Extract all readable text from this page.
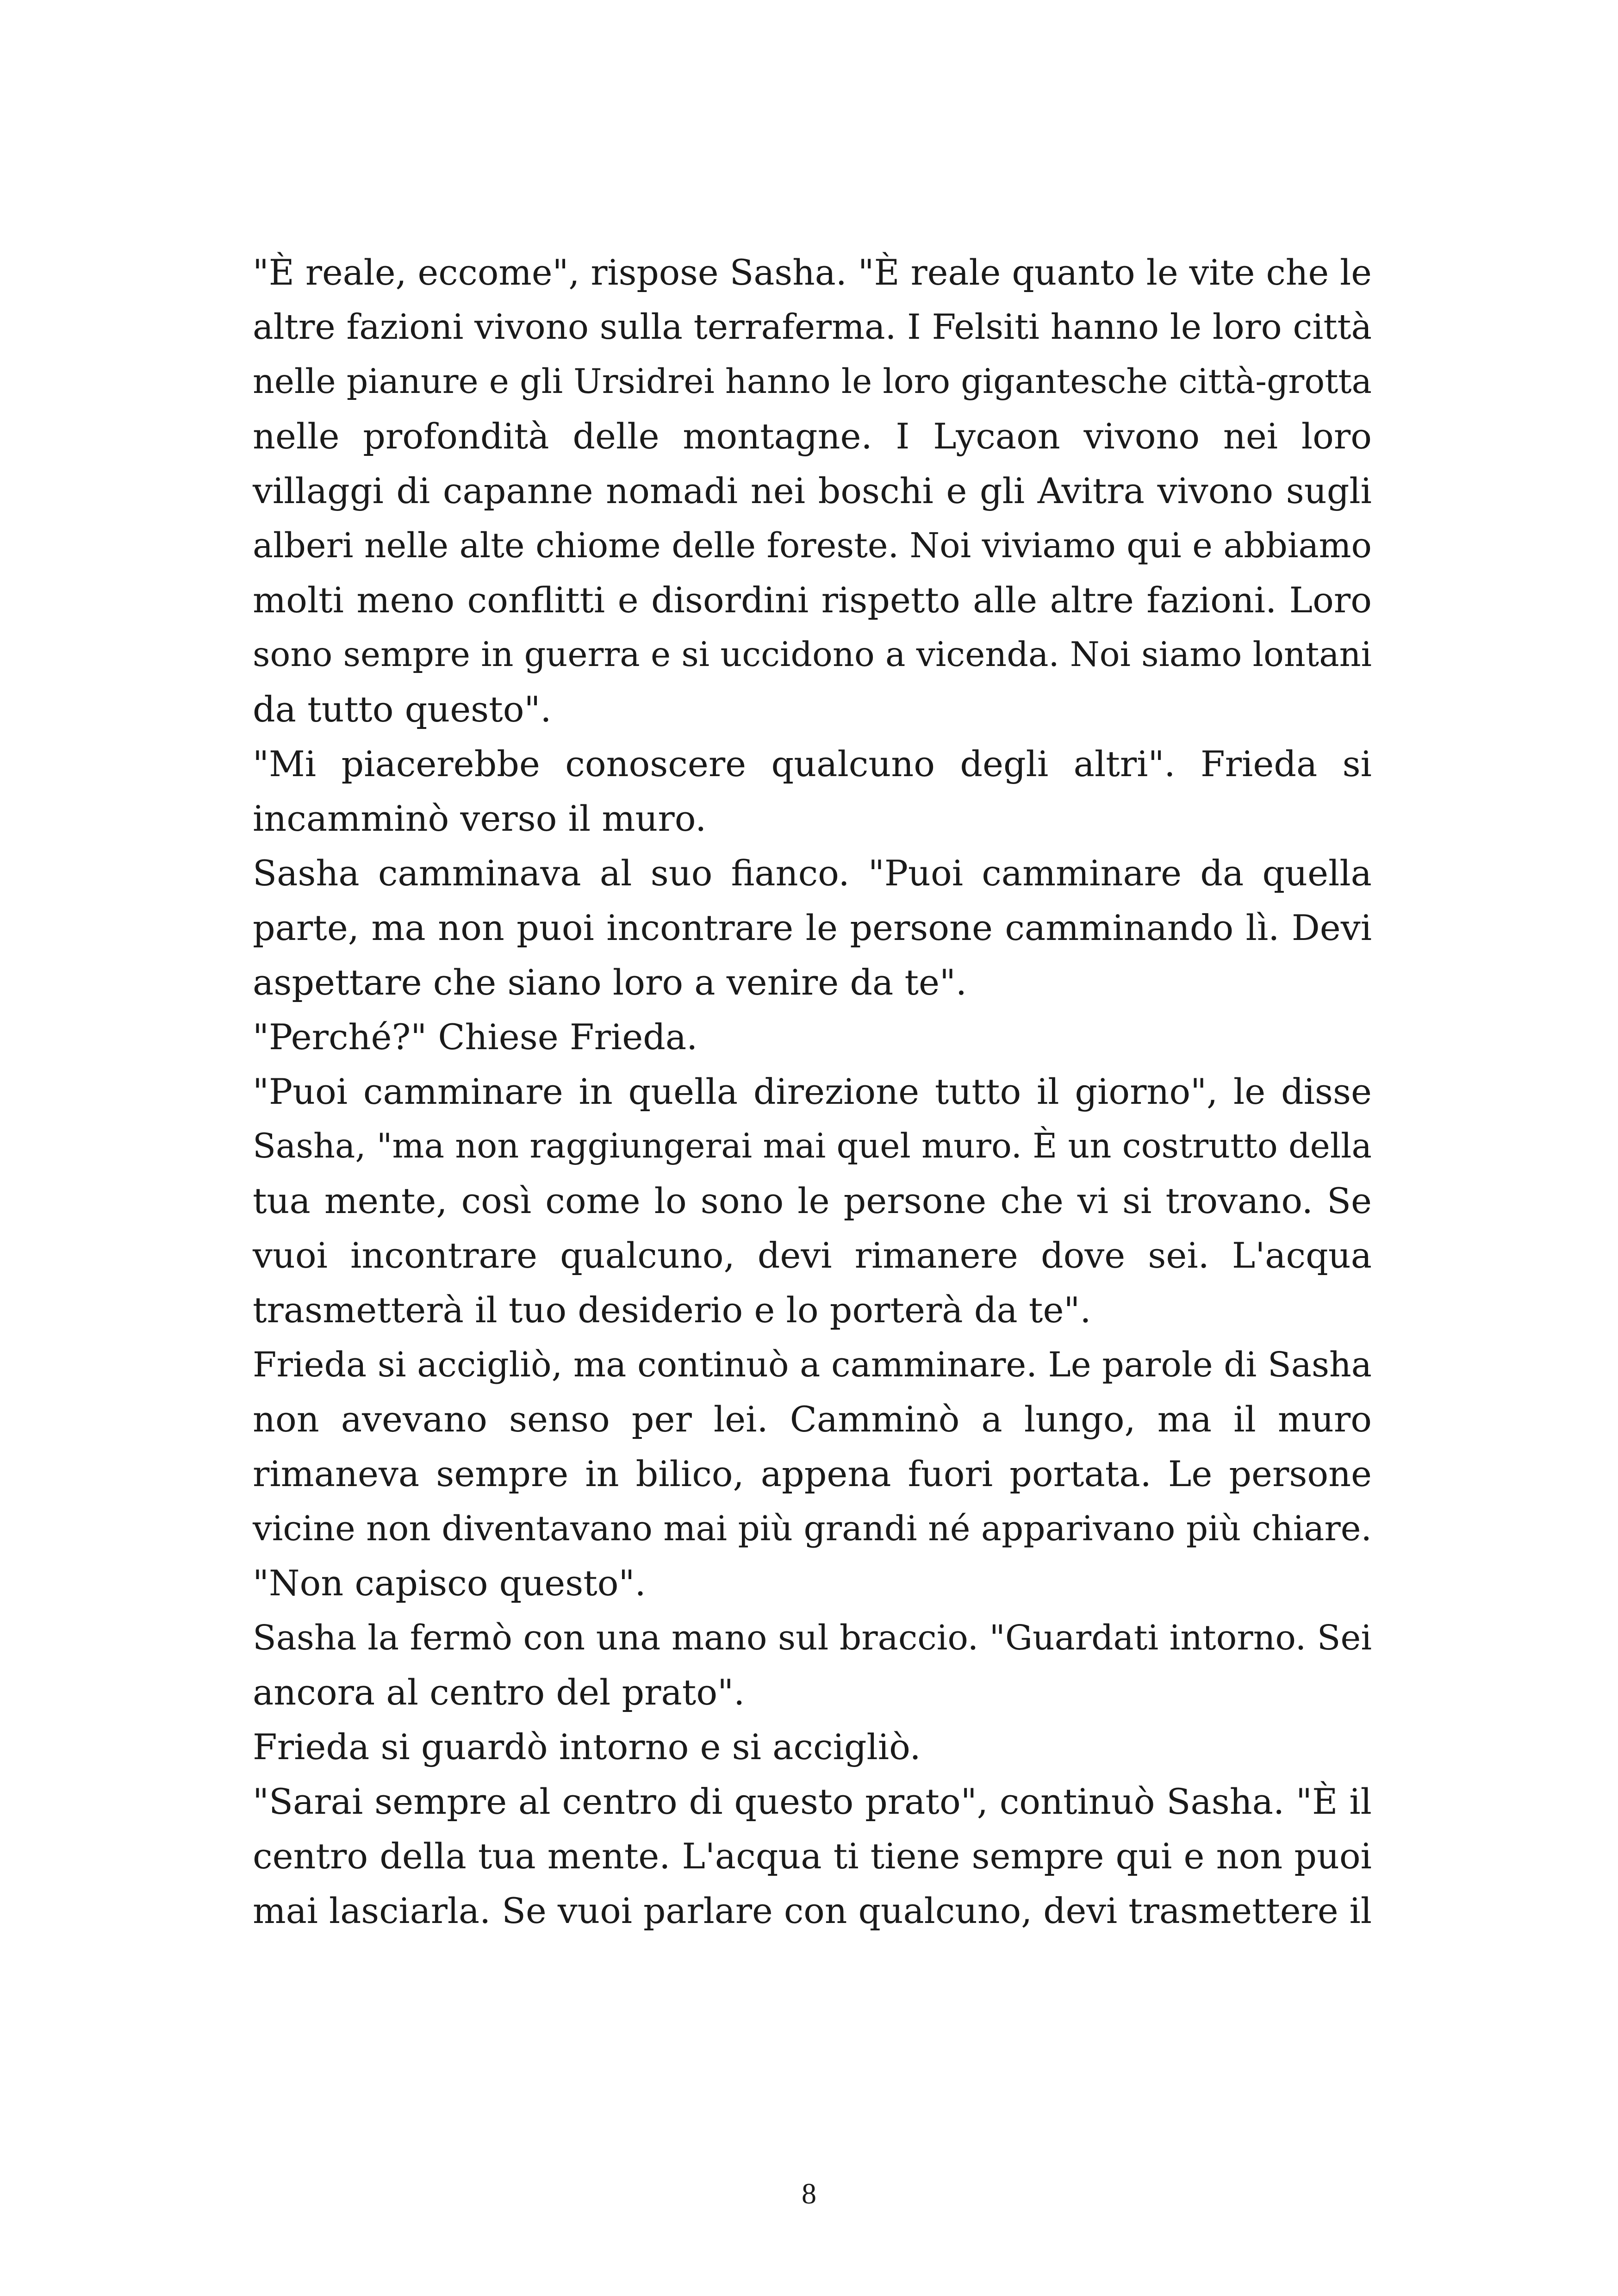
"È reale, eccome", rispose Sasha. "È reale quanto le vite che le
altre fazioni vivono sulla terraferma. I Felsiti hanno le loro città
nelle pianure e gli Ursidrei hanno le loro gigantesche città-grotta
nelle profondità delle montagne. I Lycaon vivono nei loro
villaggi di capanne nomadi nei boschi e gli Avitra vivono sugli
alberi nelle alte chiome delle foreste. Noi viviamo qui e abbiamo
molti meno conflitti e disordini rispetto alle altre fazioni. Loro
sono sempre in guerra e si uccidono a vicenda. Noi siamo lontani
da tutto questo".
"Mi piacerebbe conoscere qualcuno degli altri". Frieda si
incamminò verso il muro.
Sasha camminava al suo fianco. "Puoi camminare da quella
parte, ma non puoi incontrare le persone camminando lì. Devi
aspettare che siano loro a venire da te".
"Perché?" Chiese Frieda.
"Puoi camminare in quella direzione tutto il giorno", le disse
Sasha, "ma non raggiungerai mai quel muro. È un costrutto della
tua mente, così come lo sono le persone che vi si trovano. Se
vuoi incontrare qualcuno, devi rimanere dove sei. L'acqua
trasmetterà il tuo desiderio e lo porterà da te".
Frieda si accigliò, ma continuò a camminare. Le parole di Sasha
non avevano senso per lei. Camminò a lungo, ma il muro
rimaneva sempre in bilico, appena fuori portata. Le persone
vicine non diventavano mai più grandi né apparivano più chiare.
"Non capisco questo".
Sasha la fermò con una mano sul braccio. "Guardati intorno. Sei
ancora al centro del prato".
Frieda si guardò intorno e si accigliò.
"Sarai sempre al centro di questo prato", continuò Sasha. "È il
centro della tua mente. L'acqua ti tiene sempre qui e non puoi
mai lasciarla. Se vuoi parlare con qualcuno, devi trasmettere il
8
